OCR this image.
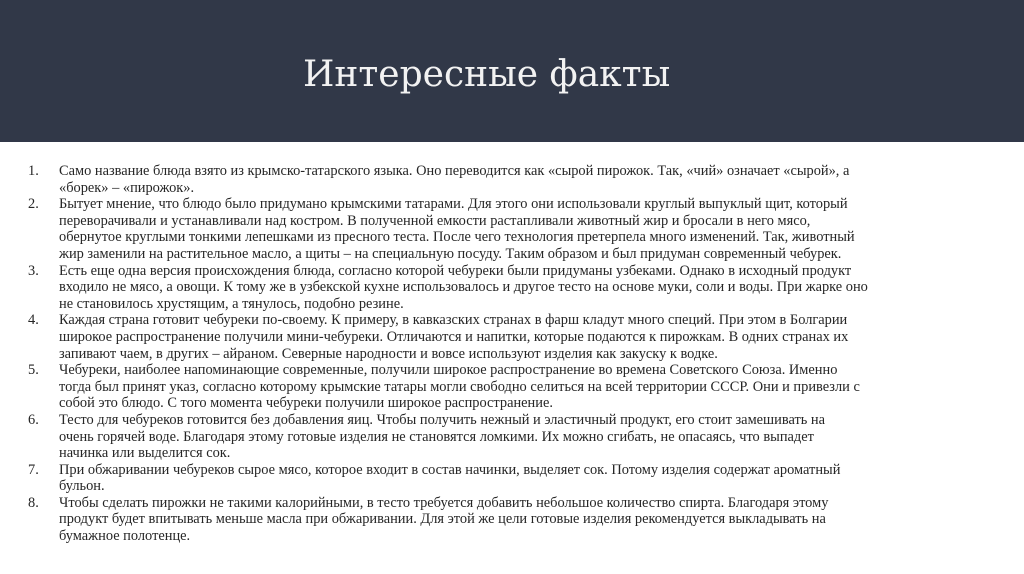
Интересные факты
1. Само название блюда взято из крымско-татарского языка. Оно переводится как «сырой пирожок. Так, «чий» означает «сырой», а
«борек» – «пирожок».
2. Бытует мнение, что блюдо было придумано крымскими татарами. Для этого они использовали круглый выпуклый щит, который
переворачивали и устанавливали над костром. В полученной емкости растапливали животный жир и бросали в него мясо,
обернутое круглыми тонкими лепешками из пресного теста. После чего технология претерпела много изменений. Так, животный
жир заменили на растительное масло, а щиты – на специальную посуду. Таким образом и был придуман современный чебурек.
3. Есть еще одна версия происхождения блюда, согласно которой чебуреки были придуманы узбеками. Однако в исходный продукт
входило не мясо, а овощи. К тому же в узбекской кухне использовалось и другое тесто на основе муки, соли и воды. При жарке оно
не становилось хрустящим, а тянулось, подобно резине.
4. Каждая страна готовит чебуреки по-своему. К примеру, в кавказских странах в фарш кладут много специй. При этом в Болгарии
широкое распространение получили мини-чебуреки. Отличаются и напитки, которые подаются к пирожкам. В одних странах их
запивают чаем, в других – айраном. Северные народности и вовсе используют изделия как закуску к водке.
5. Чебуреки, наиболее напоминающие современные, получили широкое распространение во времена Советского Союза. Именно
тогда был принят указ, согласно которому крымские татары могли свободно селиться на всей территории СССР. Они и привезли с
собой это блюдо. С того момента чебуреки получили широкое распространение.
6. Тесто для чебуреков готовится без добавления яиц. Чтобы получить нежный и эластичный продукт, его стоит замешивать на
очень горячей воде. Благодаря этому готовые изделия не становятся ломкими. Их можно сгибать, не опасаясь, что выпадет
начинка или выделится сок.
7. При обжаривании чебуреков сырое мясо, которое входит в состав начинки, выделяет сок. Потому изделия содержат ароматный
бульон.
8. Чтобы сделать пирожки не такими калорийными, в тесто требуется добавить небольшое количество спирта. Благодаря этому
продукт будет впитывать меньше масла при обжаривании. Для этой же цели готовые изделия рекомендуется выкладывать на
бумажное полотенце.
